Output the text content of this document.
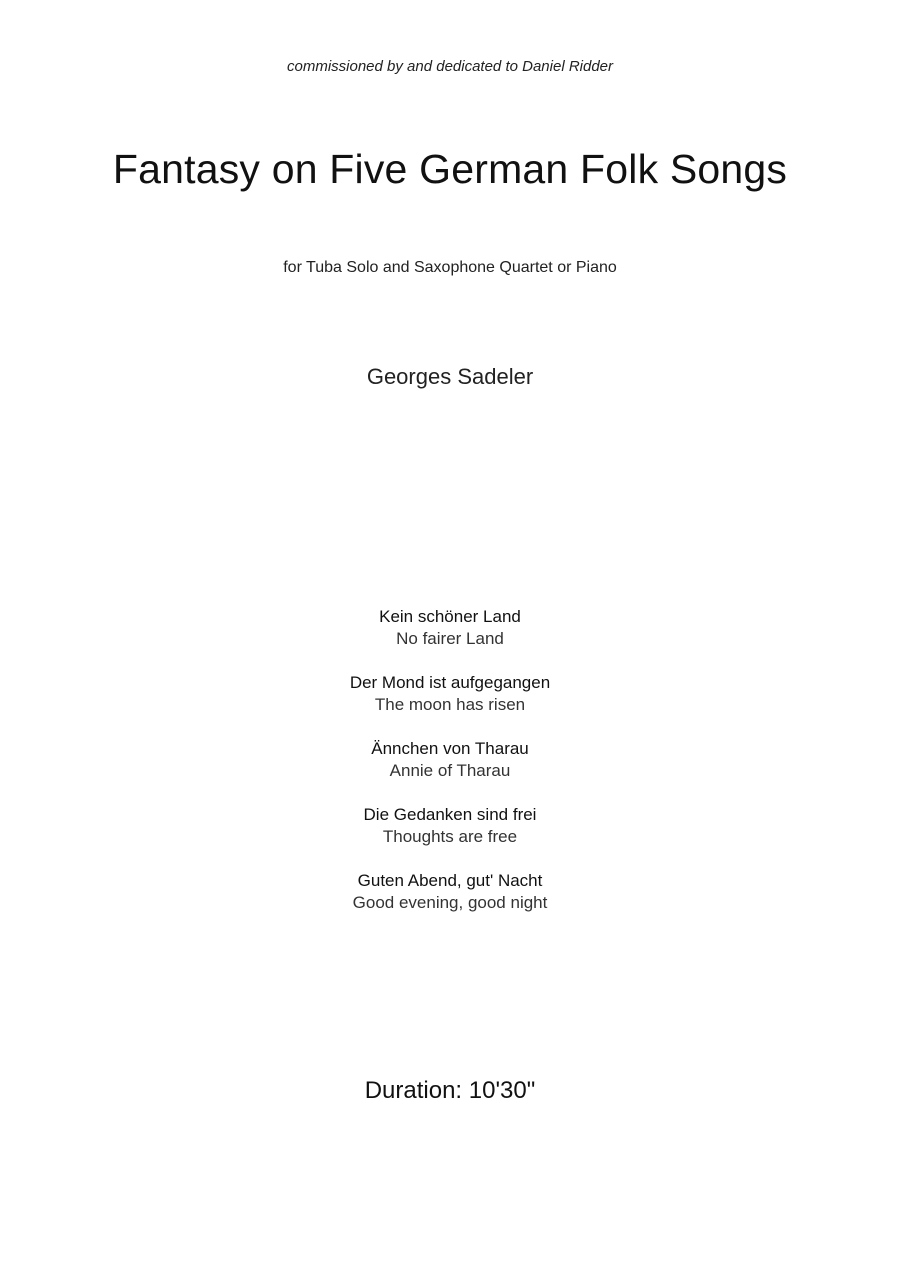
commissioned by and dedicated to Daniel Ridder
Fantasy on Five German Folk Songs
for Tuba Solo and Saxophone Quartet or Piano
Georges Sadeler
Kein schöner Land
No fairer Land
Der Mond ist aufgegangen
The moon has risen
Ännchen von Tharau
Annie of Tharau
Die Gedanken sind frei
Thoughts are free
Guten Abend, gut' Nacht
Good evening, good night
Duration: 10'30"
